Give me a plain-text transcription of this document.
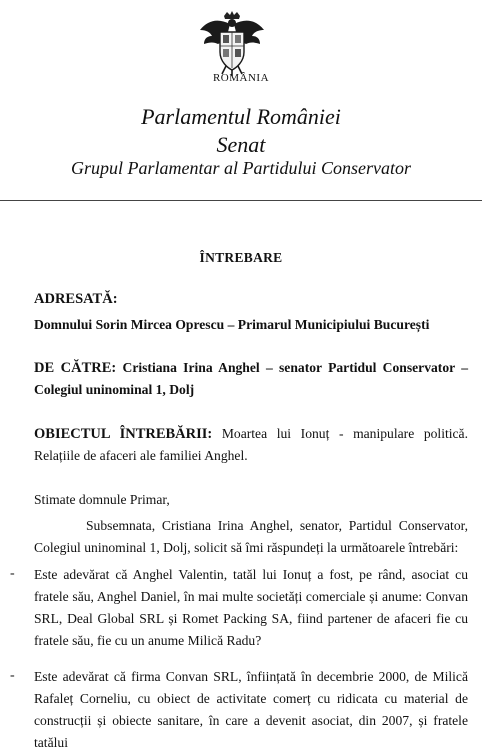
ROMÂNIA
Parlamentul României
Senat
Grupul Parlamentar al Partidului Conservator
ÎNTREBARE
ADRESATĂ:
Domnului Sorin Mircea Oprescu – Primarul Municipiului București
DE CĂTRE: Cristiana Irina Anghel – senator Partidul Conservator – Colegiul uninominal 1, Dolj
OBIECTUL ÎNTREBĂRII: Moartea lui Ionuț - manipulare politică. Relațiile de afaceri ale familiei Anghel.
Stimate domnule Primar,
Subsemnata, Cristiana Irina Anghel, senator, Partidul Conservator, Colegiul uninominal 1, Dolj, solicit să îmi răspundeți la următoarele întrebări:
- Este adevărat că Anghel Valentin, tatăl lui Ionuț a fost, pe rând, asociat cu fratele său, Anghel Daniel, în mai multe societăți comerciale și anume: Convan SRL, Deal Global SRL și Romet Packing SA, fiind partener de afaceri fie cu fratele său, fie cu un anume Milică Radu?
- Este adevărat că firma Convan SRL, înființată în decembrie 2000, de Milică Rafaleț Corneliu, cu obiect de activitate comerț cu ridicata cu material de construcții și obiecte sanitare, în care a devenit asociat, din 2007, și fratele tatălui
